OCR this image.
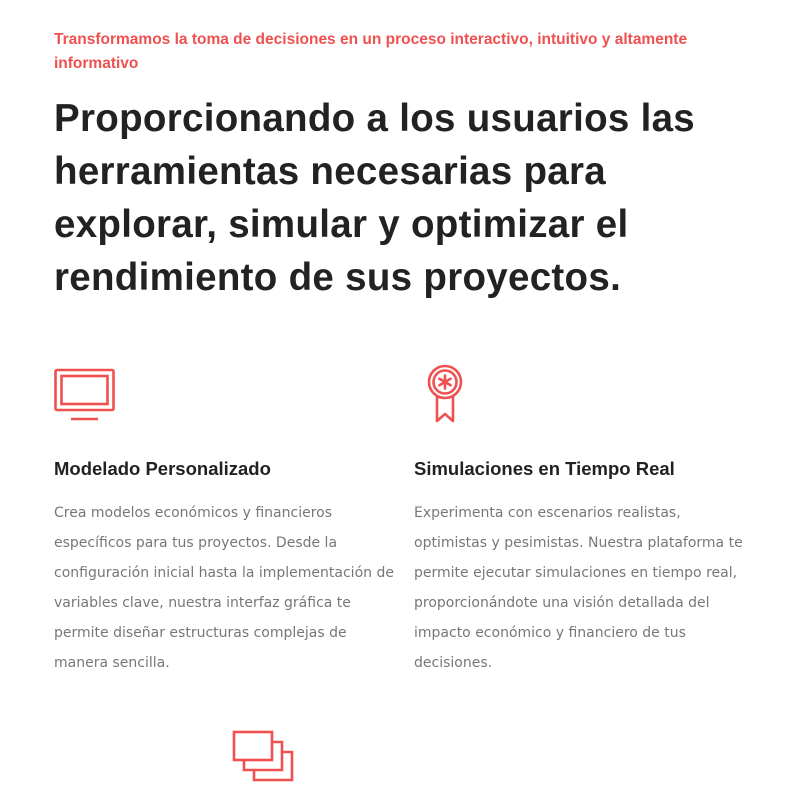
Transformamos la toma de decisiones en un proceso interactivo, intuitivo y altamente informativo

Proporcionando a los usuarios las herramientas necesarias para explorar, simular y optimizar el rendimiento de sus proyectos.
Modelado Personalizado

Crea modelos económicos y financieros específicos para tus proyectos. Desde la configuración inicial hasta la implementación de variables clave, nuestra interfaz gráfica te permite diseñar estructuras complejas de manera sencilla.

Simulaciones en Tiempo Real

Experimenta con escenarios realistas, optimistas y pesimistas. Nuestra plataforma te permite ejecutar simulaciones en tiempo real, proporcionándote una visión detallada del impacto económico y financiero de tus decisiones.
